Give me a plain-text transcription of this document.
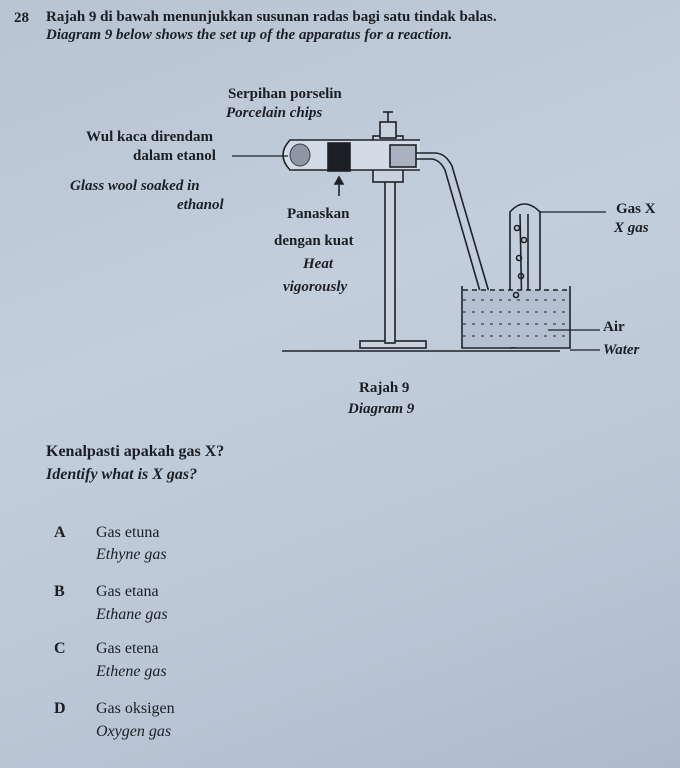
28 Rajah 9 di bawah menunjukkan susunan radas bagi satu tindak balas.
Diagram 9 below shows the set up of the apparatus for a reaction.
Serpihan porselin
Porcelain chips
Wul kaca direndam
dalam etanol
Glass wool soaked in
ethanol
Panaskan
dengan kuat
Heat
vigorously
Gas X
X gas
Air
Water
Rajah 9
Diagram 9
Kenalpasti apakah gas X?
Identify what is X gas?
A Gas etuna
Ethyne gas
B Gas etana
Ethane gas
C Gas etena
Ethene gas
D Gas oksigen
Oxygen gas
